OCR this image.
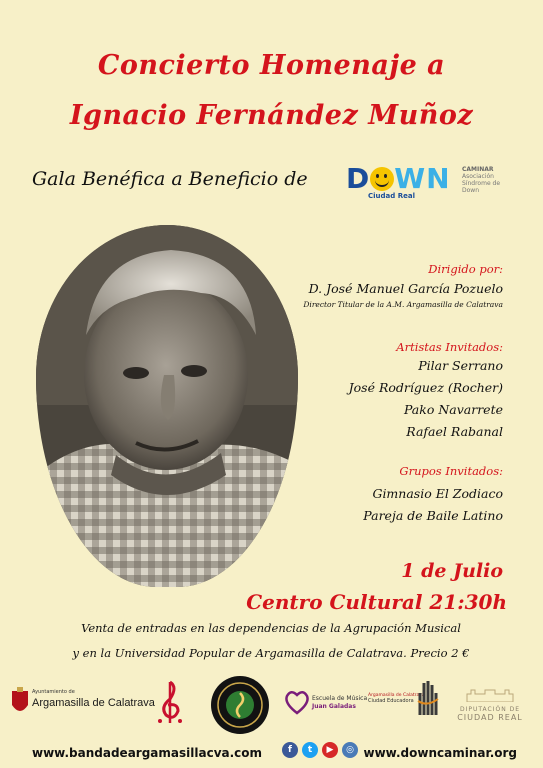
Concierto Homenaje a
Ignacio Fernández Muñoz
Gala Benéfica a Beneficio de D WN
Ciudad Real
CAMINAR
Asociación Síndrome de Down
Dirigido por:
D. José Manuel García Pozuelo
Director Titular de la A.M. Argamasilla de Calatrava
Artistas Invitados:
Pilar Serrano
José Rodríguez (Rocher)
Pako Navarrete
Rafael Rabanal
Grupos Invitados:
Gimnasio El Zodiaco
Pareja de Baile Latino
1 de Julio
Centro Cultural 21:30h
Venta de entradas en las dependencias de la Agrupación Musical
y en la Universidad Popular de Argamasilla de Calatrava. Precio 2 €
Ayuntamiento de
Argamasilla de Calatrava	Escuela de Música
Juan Galadas
Argamasilla de Calatrava
Ciudad Educadora
DIPUTACIÓN DE
CIUDAD REAL
www.bandadeargamasillacva.com	f	t	▶	◎ www.downcaminar.org
